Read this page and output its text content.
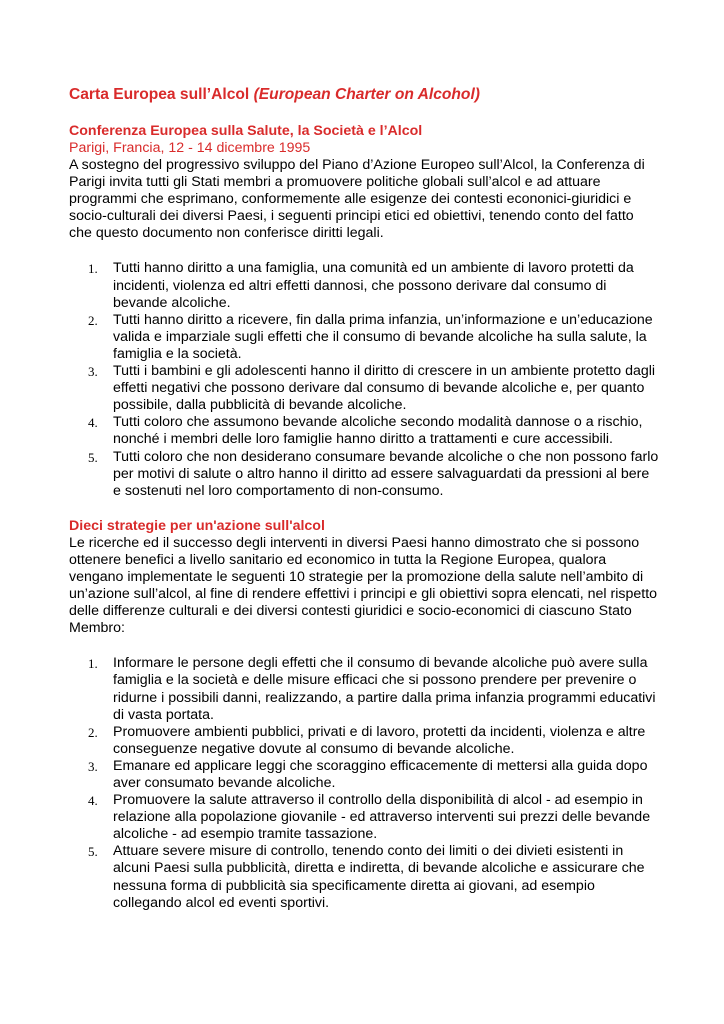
Carta Europea sull’Alcol (European Charter on Alcohol)
Conferenza Europea sulla Salute, la Società e l’Alcol
Parigi, Francia, 12 - 14 dicembre 1995

A sostegno del progressivo sviluppo del Piano d’Azione Europeo sull’Alcol, la Conferenza di Parigi invita tutti gli Stati membri a promuovere politiche globali sull’alcol e ad attuare programmi che esprimano, conformemente alle esigenze dei contesti econonici-giuridici e socio-culturali dei diversi Paesi, i seguenti principi etici ed obiettivi, tenendo conto del fatto che questo documento non conferisce diritti legali.

1. Tutti hanno diritto a una famiglia, una comunità ed un ambiente di lavoro protetti da incidenti, violenza ed altri effetti dannosi, che possono derivare dal consumo di bevande alcoliche.
2. Tutti hanno diritto a ricevere, fin dalla prima infanzia, un’informazione e un’educazione valida e imparziale sugli effetti che il consumo di bevande alcoliche ha sulla salute, la famiglia e la società.
3. Tutti i bambini e gli adolescenti hanno il diritto di crescere in un ambiente protetto dagli effetti negativi che possono derivare dal consumo di bevande alcoliche e, per quanto possibile, dalla pubblicità di bevande alcoliche.
4. Tutti coloro che assumono bevande alcoliche secondo modalità dannose o a rischio, nonché i membri delle loro famiglie hanno diritto a trattamenti e cure accessibili.
5. Tutti coloro che non desiderano consumare bevande alcoliche o che non possono farlo per motivi di salute o altro hanno il diritto ad essere salvaguardati da pressioni al bere e sostenuti nel loro comportamento di non-consumo.
Dieci strategie per un'azione sull'alcol

Le ricerche ed il successo degli interventi in diversi Paesi hanno dimostrato che si possono ottenere benefici a livello sanitario ed economico in tutta la Regione Europea, qualora vengano implementate le seguenti 10 strategie per la promozione della salute nell’ambito di un’azione sull’alcol, al fine di rendere effettivi i principi e gli obiettivi sopra elencati, nel rispetto delle differenze culturali e dei diversi contesti giuridici e socio-economici di ciascuno Stato Membro:

1. Informare le persone degli effetti che il consumo di bevande alcoliche può avere sulla famiglia e la società e delle misure efficaci che si possono prendere per prevenire o ridurne i possibili danni, realizzando, a partire dalla prima infanzia programmi educativi di vasta portata.
2. Promuovere ambienti pubblici, privati e di lavoro, protetti da incidenti, violenza e altre conseguenze negative dovute al consumo di bevande alcoliche.
3. Emanare ed applicare leggi che scoraggino efficacemente di mettersi alla guida dopo aver consumato bevande alcoliche.
4. Promuovere la salute attraverso il controllo della disponibilità di alcol - ad esempio in relazione alla popolazione giovanile - ed attraverso interventi sui prezzi delle bevande alcoliche - ad esempio tramite tassazione.
5. Attuare severe misure di controllo, tenendo conto dei limiti o dei divieti esistenti in alcuni Paesi sulla pubblicità, diretta e indiretta, di bevande alcoliche e assicurare che nessuna forma di pubblicità sia specificamente diretta ai giovani, ad esempio collegando alcol ed eventi sportivi.
